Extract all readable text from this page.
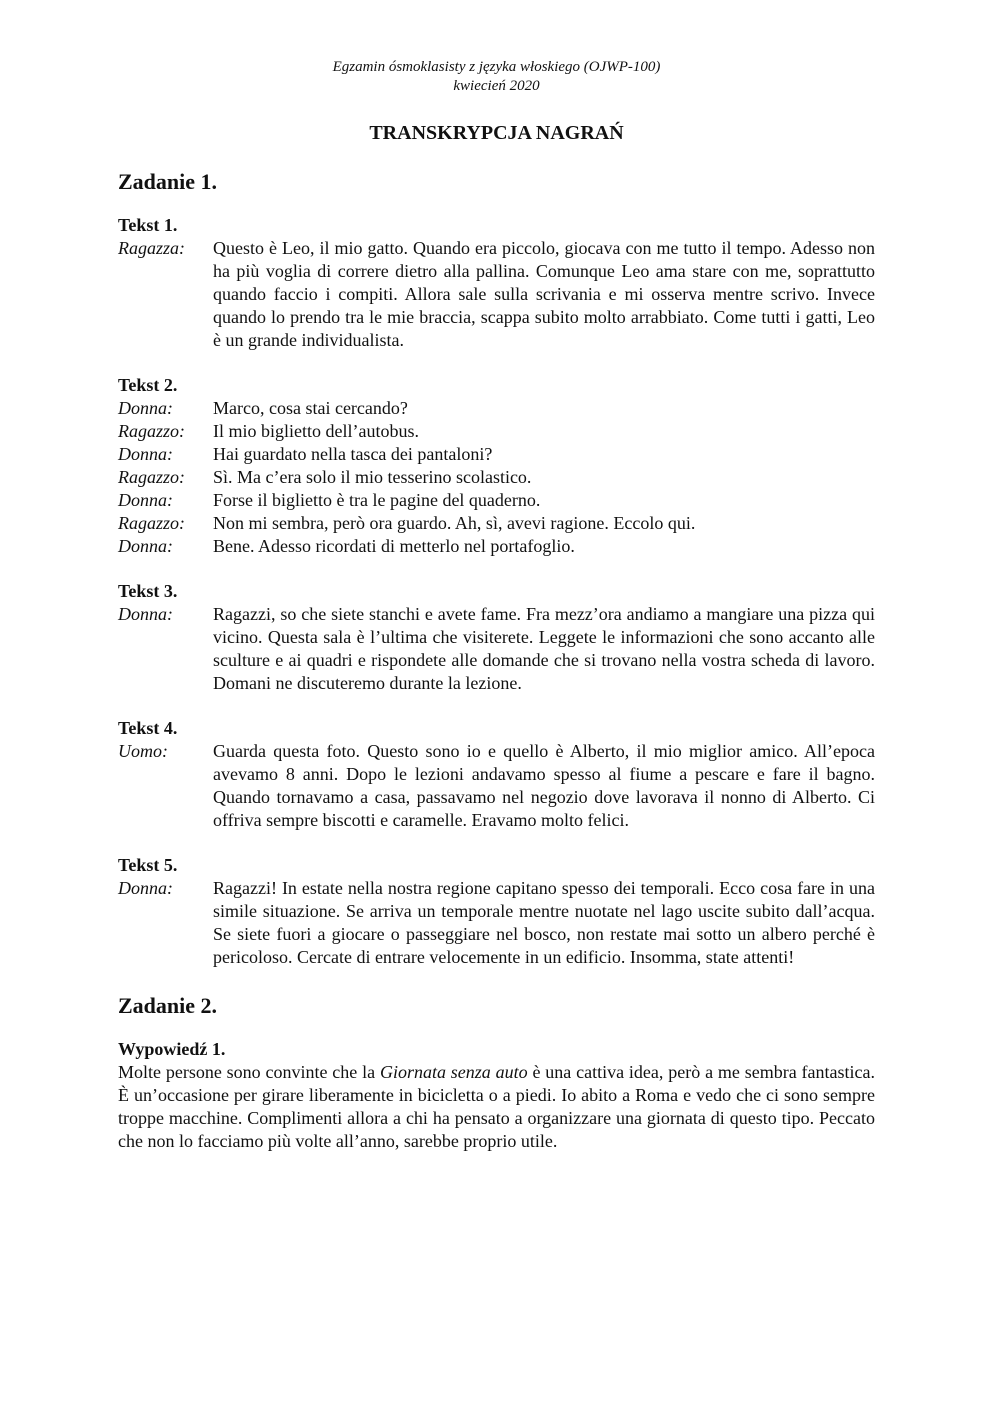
Egzamin ósmoklasisty z języka włoskiego (OJWP-100)
kwiecień 2020
TRANSKRYPCJA NAGRAŃ
Zadanie 1.
Tekst 1.
Ragazza:	Questo è Leo, il mio gatto. Quando era piccolo, giocava con me tutto il tempo. Adesso non ha più voglia di correre dietro alla pallina. Comunque Leo ama stare con me, soprattutto quando faccio i compiti. Allora sale sulla scrivania e mi osserva mentre scrivo. Invece quando lo prendo tra le mie braccia, scappa subito molto arrabbiato. Come tutti i gatti, Leo è un grande individualista.
Tekst 2.
Donna:	Marco, cosa stai cercando?
Ragazzo:	Il mio biglietto dell’autobus.
Donna:	Hai guardato nella tasca dei pantaloni?
Ragazzo:	Sì. Ma c’era solo il mio tesserino scolastico.
Donna:	Forse il biglietto è tra le pagine del quaderno.
Ragazzo:	Non mi sembra, però ora guardo. Ah, sì, avevi ragione. Eccolo qui.
Donna:	Bene. Adesso ricordati di metterlo nel portafoglio.
Tekst 3.
Donna:	Ragazzi, so che siete stanchi e avete fame. Fra mezz’ora andiamo a mangiare una pizza qui vicino. Questa sala è l’ultima che visiterete. Leggete le informazioni che sono accanto alle sculture e ai quadri e rispondete alle domande che si trovano nella vostra scheda di lavoro. Domani ne discuteremo durante la lezione.
Tekst 4.
Uomo:	Guarda questa foto. Questo sono io e quello è Alberto, il mio miglior amico. All’epoca avevamo 8 anni. Dopo le lezioni andavamo spesso al fiume a pescare e fare il bagno. Quando tornavamo a casa, passavamo nel negozio dove lavorava il nonno di Alberto. Ci offriva sempre biscotti e caramelle. Eravamo molto felici.
Tekst 5.
Donna:	Ragazzi! In estate nella nostra regione capitano spesso dei temporali. Ecco cosa fare in una simile situazione. Se arriva un temporale mentre nuotate nel lago uscite subito dall’acqua. Se siete fuori a giocare o passeggiare nel bosco, non restate mai sotto un albero perché è pericoloso. Cercate di entrare velocemente in un edificio. Insomma, state attenti!
Zadanie 2.
Wypowiedź 1.
Molte persone sono convinte che la Giornata senza auto è una cattiva idea, però a me sembra fantastica. È un’occasione per girare liberamente in bicicletta o a piedi. Io abito a Roma e vedo che ci sono sempre troppe macchine. Complimenti allora a chi ha pensato a organizzare una giornata di questo tipo. Peccato che non lo facciamo più volte all’anno, sarebbe proprio utile.
